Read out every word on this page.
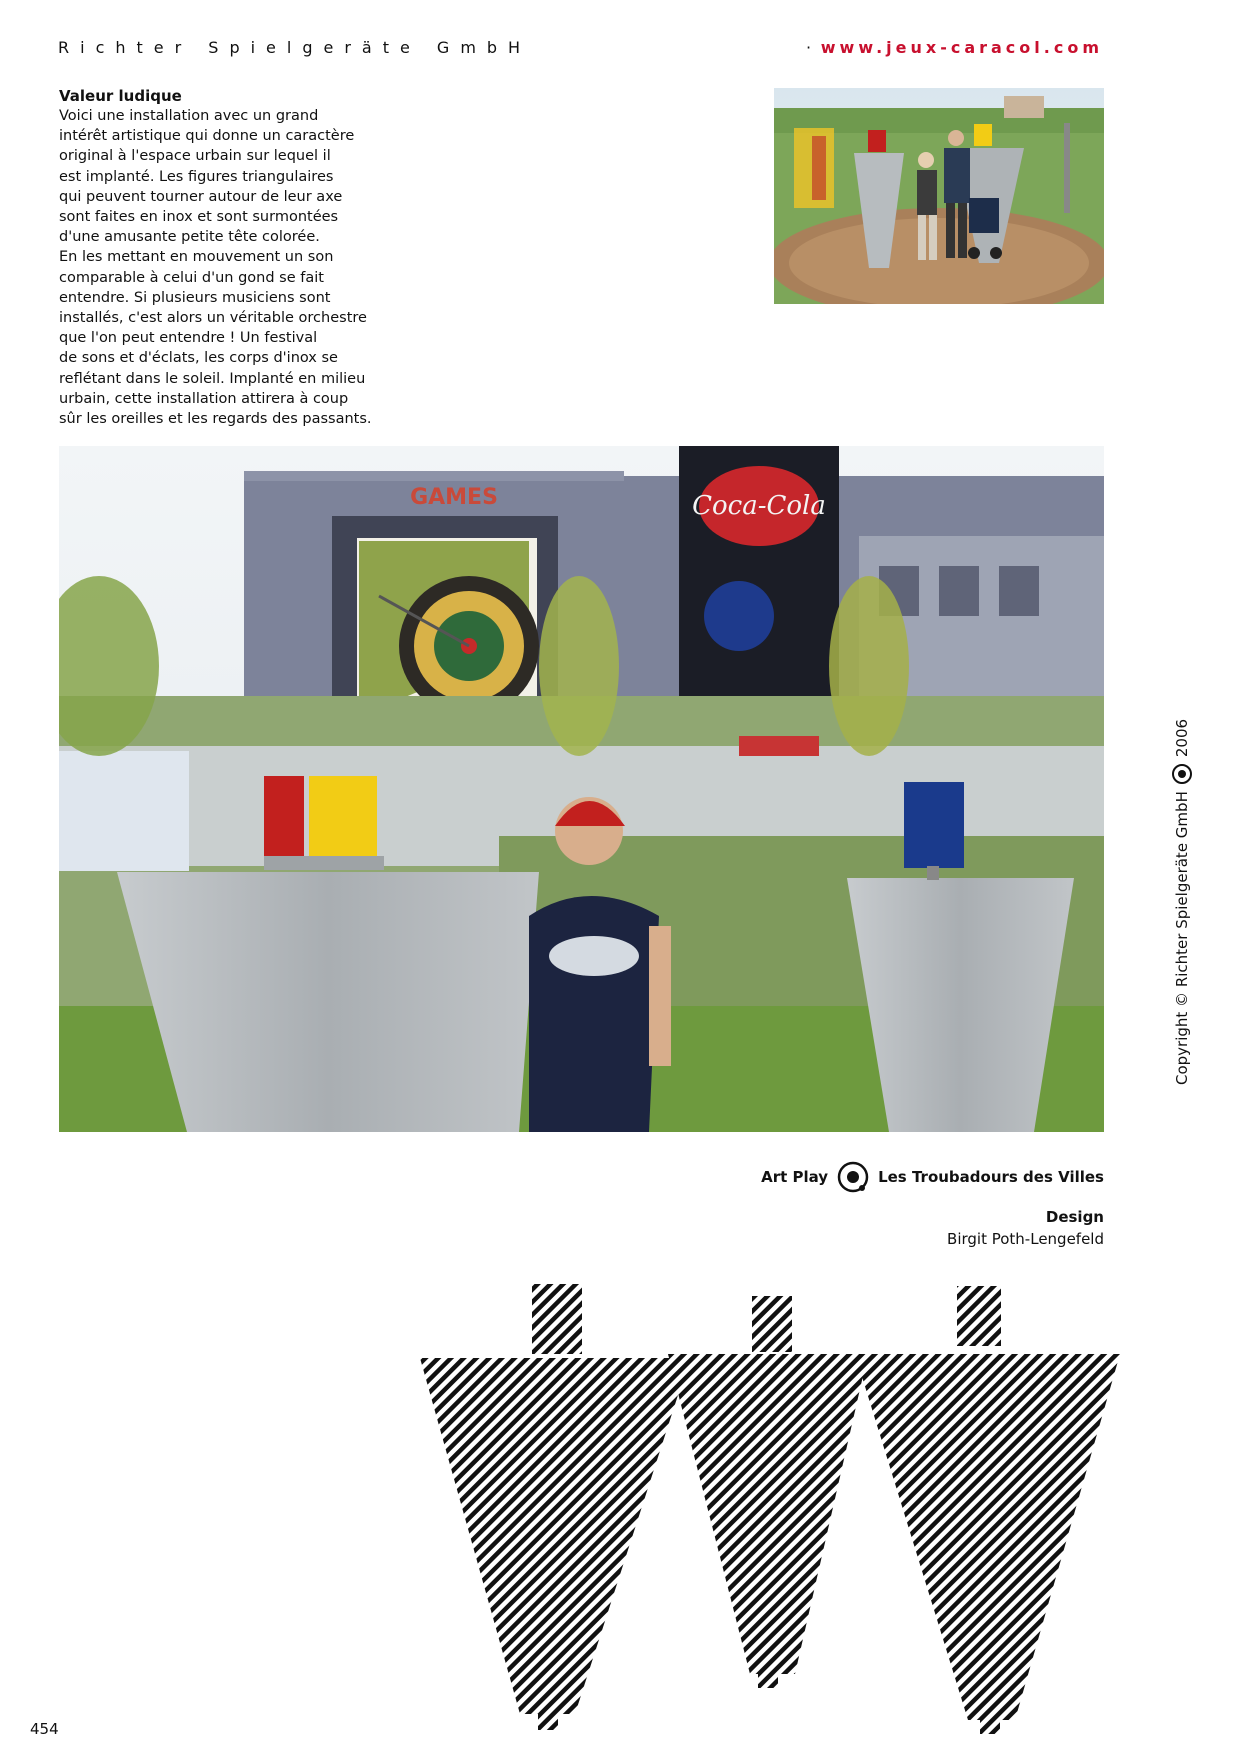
Richter Spielgeräte GmbH	·
www.jeux-caracol.com
Valeur ludique

Voici une installation avec un grand
intérêt artistique qui donne un caractère
original à l'espace urbain sur lequel il
est implanté. Les figures triangulaires
qui peuvent tourner autour de leur axe
sont faites en inox et sont surmontées
d'une amusante petite tête colorée.
En les mettant en mouvement un son
comparable à celui d'un gond se fait
entendre. Si plusieurs musiciens sont
installés, c'est alors un véritable orchestre
que l'on peut entendre ! Un festival
de sons et d'éclats, les corps d'inox se
reflétant dans le soleil. Implanté en milieu
urbain, cette installation attirera à coup
sûr les oreilles et les regards des passants.

Coca-Cola
GAMES
Copyright © Richter Spielgeräte GmbH
2006
Art Play	Les Troubadours des Villes
Design
Birgit Poth-Lengefeld
454
